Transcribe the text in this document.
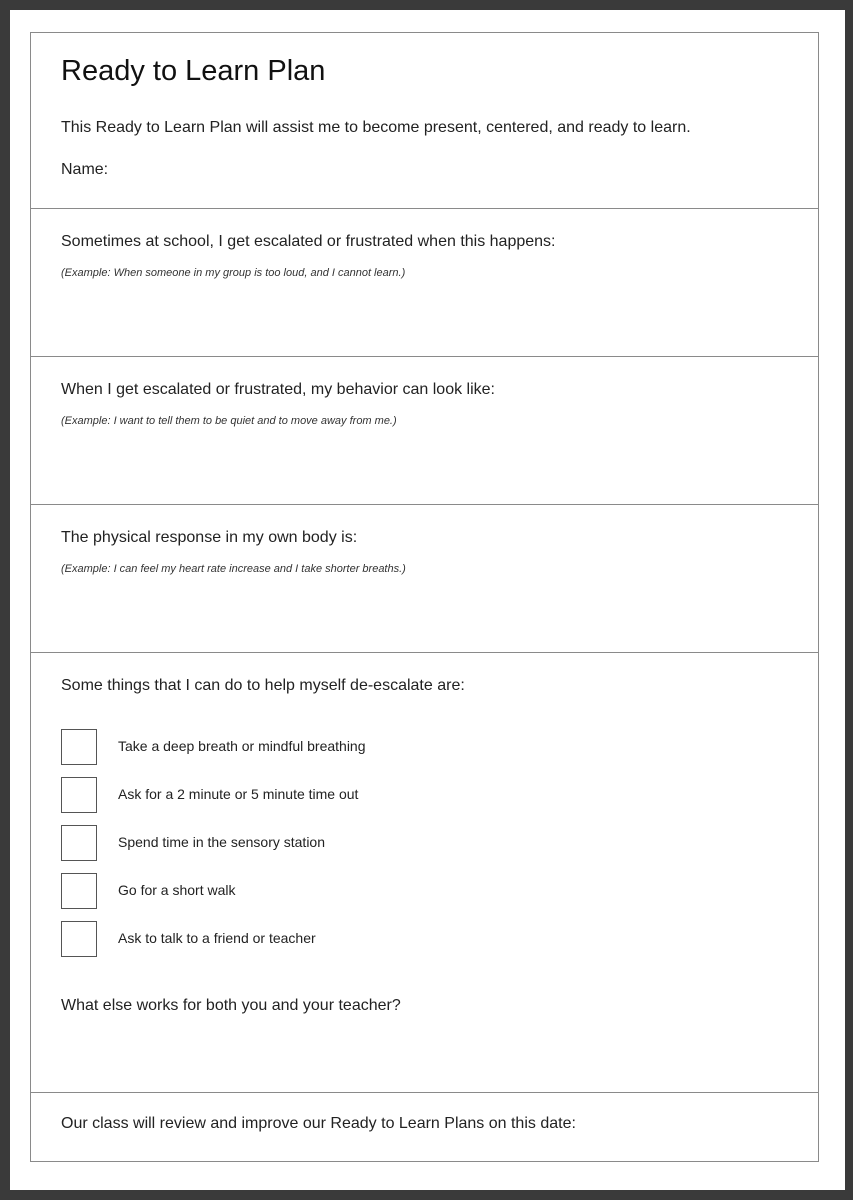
Ready to Learn Plan
This Ready to Learn Plan will assist me to become present, centered, and ready to learn.
Name:
Sometimes at school, I get escalated or frustrated when this happens:
(Example: When someone in my group is too loud, and I cannot learn.)
When I get escalated or frustrated, my behavior can look like:
(Example: I want to tell them to be quiet and to move away from me.)
The physical response in my own body is:
(Example: I can feel my heart rate increase and I take shorter breaths.)
Some things that I can do to help myself de-escalate are:
Take a deep breath or mindful breathing
Ask for a 2 minute or 5 minute time out
Spend time in the sensory station
Go for a short walk
Ask to talk to a friend or teacher
What else works for both you and your teacher?
Our class will review and improve our Ready to Learn Plans on this date:
